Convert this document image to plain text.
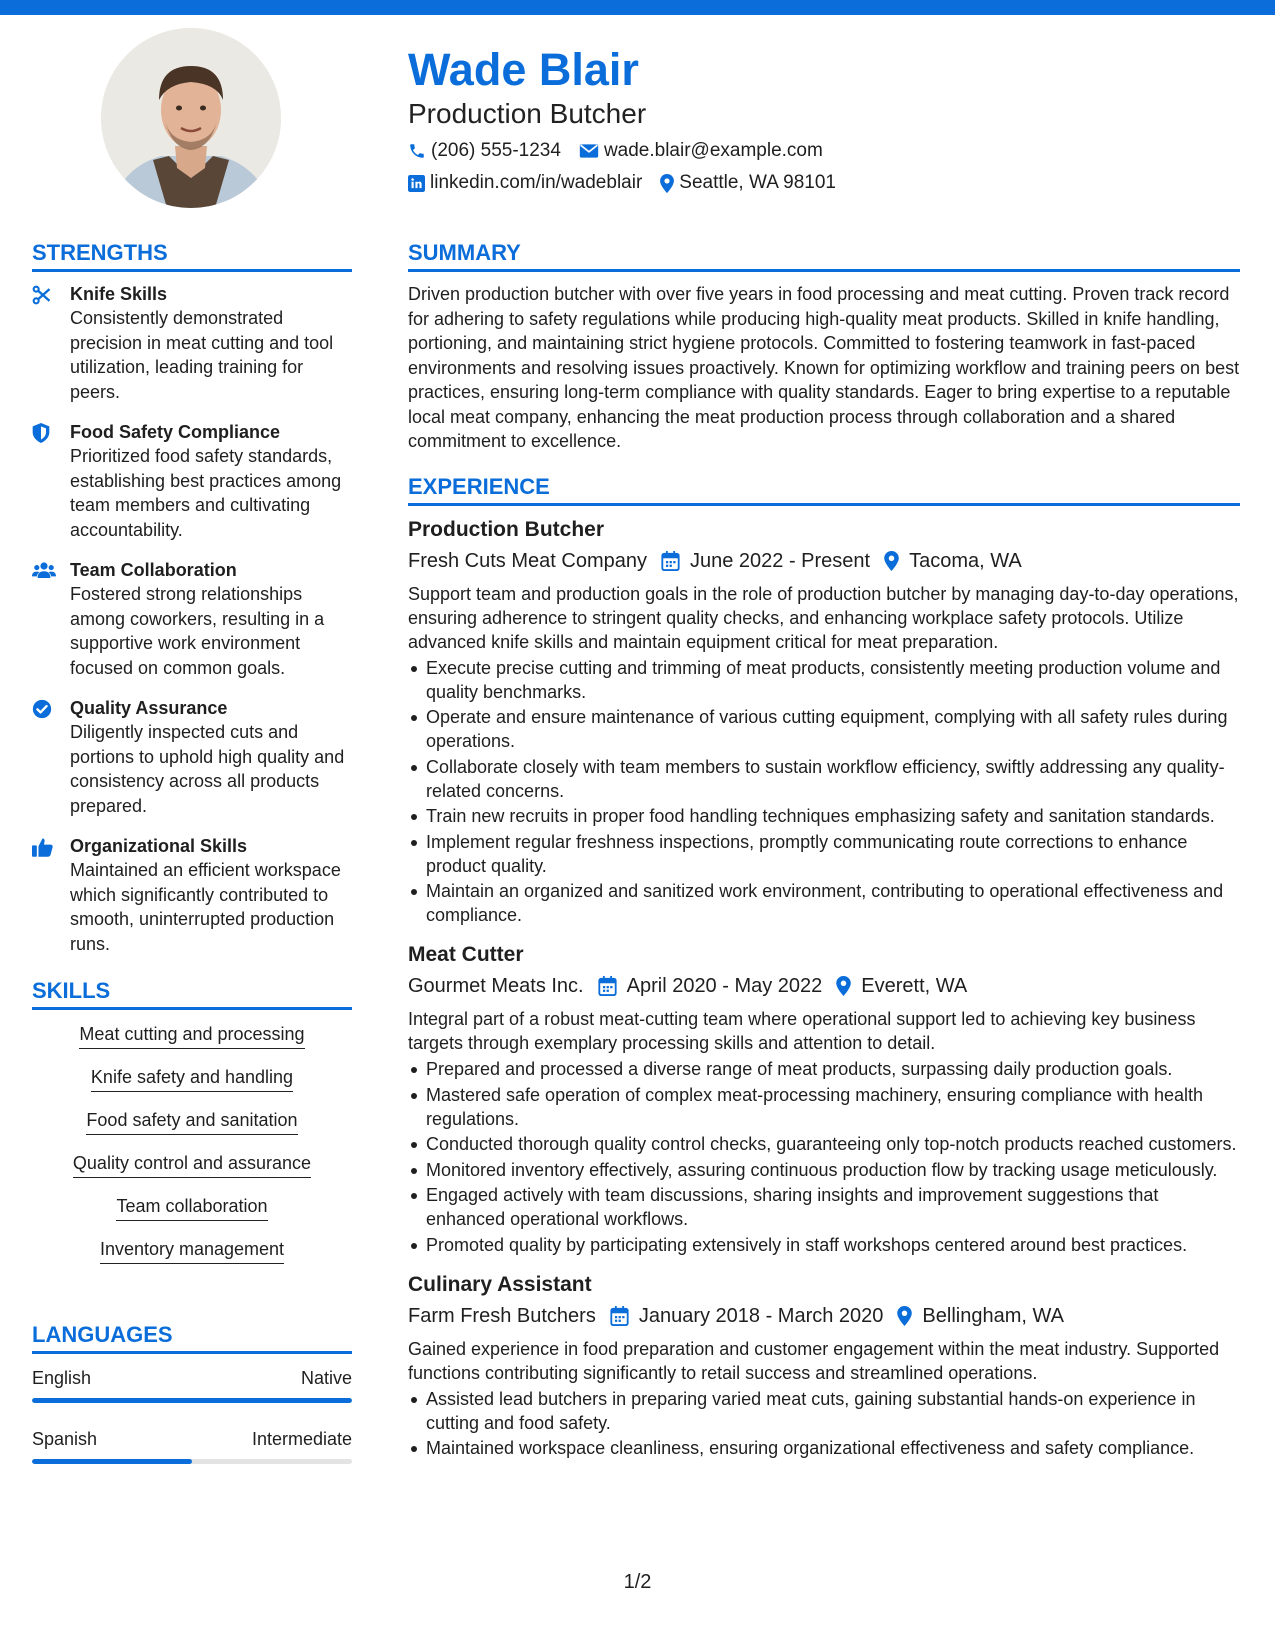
Wade Blair
Production Butcher
(206) 555-1234 wade.blair@example.com
linkedin.com/in/wadeblair Seattle, WA 98101
STRENGTHS
Knife Skills
Consistently demonstrated precision in meat cutting and tool utilization, leading training for peers.
Food Safety Compliance
Prioritized food safety standards, establishing best practices among team members and cultivating accountability.
Team Collaboration
Fostered strong relationships among coworkers, resulting in a supportive work environment focused on common goals.
Quality Assurance
Diligently inspected cuts and portions to uphold high quality and consistency across all products prepared.
Organizational Skills
Maintained an efficient workspace which significantly contributed to smooth, uninterrupted production runs.
SKILLS
Meat cutting and processing
Knife safety and handling
Food safety and sanitation
Quality control and assurance
Team collaboration
Inventory management
LANGUAGES
English	Native
Spanish	Intermediate
SUMMARY
Driven production butcher with over five years in food processing and meat cutting. Proven track record for adhering to safety regulations while producing high-quality meat products. Skilled in knife handling, portioning, and maintaining strict hygiene protocols. Committed to fostering teamwork in fast-paced environments and resolving issues proactively. Known for optimizing workflow and training peers on best practices, ensuring long-term compliance with quality standards. Eager to bring expertise to a reputable local meat company, enhancing the meat production process through collaboration and a shared commitment to excellence.
EXPERIENCE
Production Butcher
Fresh Cuts Meat Company June 2022 - Present Tacoma, WA
Support team and production goals in the role of production butcher by managing day-to-day operations, ensuring adherence to stringent quality checks, and enhancing workplace safety protocols. Utilize advanced knife skills and maintain equipment critical for meat preparation.
Execute precise cutting and trimming of meat products, consistently meeting production volume and quality benchmarks.
Operate and ensure maintenance of various cutting equipment, complying with all safety rules during operations.
Collaborate closely with team members to sustain workflow efficiency, swiftly addressing any quality-related concerns.
Train new recruits in proper food handling techniques emphasizing safety and sanitation standards.
Implement regular freshness inspections, promptly communicating route corrections to enhance product quality.
Maintain an organized and sanitized work environment, contributing to operational effectiveness and compliance.
Meat Cutter
Gourmet Meats Inc. April 2020 - May 2022 Everett, WA
Integral part of a robust meat-cutting team where operational support led to achieving key business targets through exemplary processing skills and attention to detail.
Prepared and processed a diverse range of meat products, surpassing daily production goals.
Mastered safe operation of complex meat-processing machinery, ensuring compliance with health regulations.
Conducted thorough quality control checks, guaranteeing only top-notch products reached customers.
Monitored inventory effectively, assuring continuous production flow by tracking usage meticulously.
Engaged actively with team discussions, sharing insights and improvement suggestions that enhanced operational workflows.
Promoted quality by participating extensively in staff workshops centered around best practices.
Culinary Assistant
Farm Fresh Butchers January 2018 - March 2020 Bellingham, WA
Gained experience in food preparation and customer engagement within the meat industry. Supported functions contributing significantly to retail success and streamlined operations.
Assisted lead butchers in preparing varied meat cuts, gaining substantial hands-on experience in cutting and food safety.
Maintained workspace cleanliness, ensuring organizational effectiveness and safety compliance.
1/2
